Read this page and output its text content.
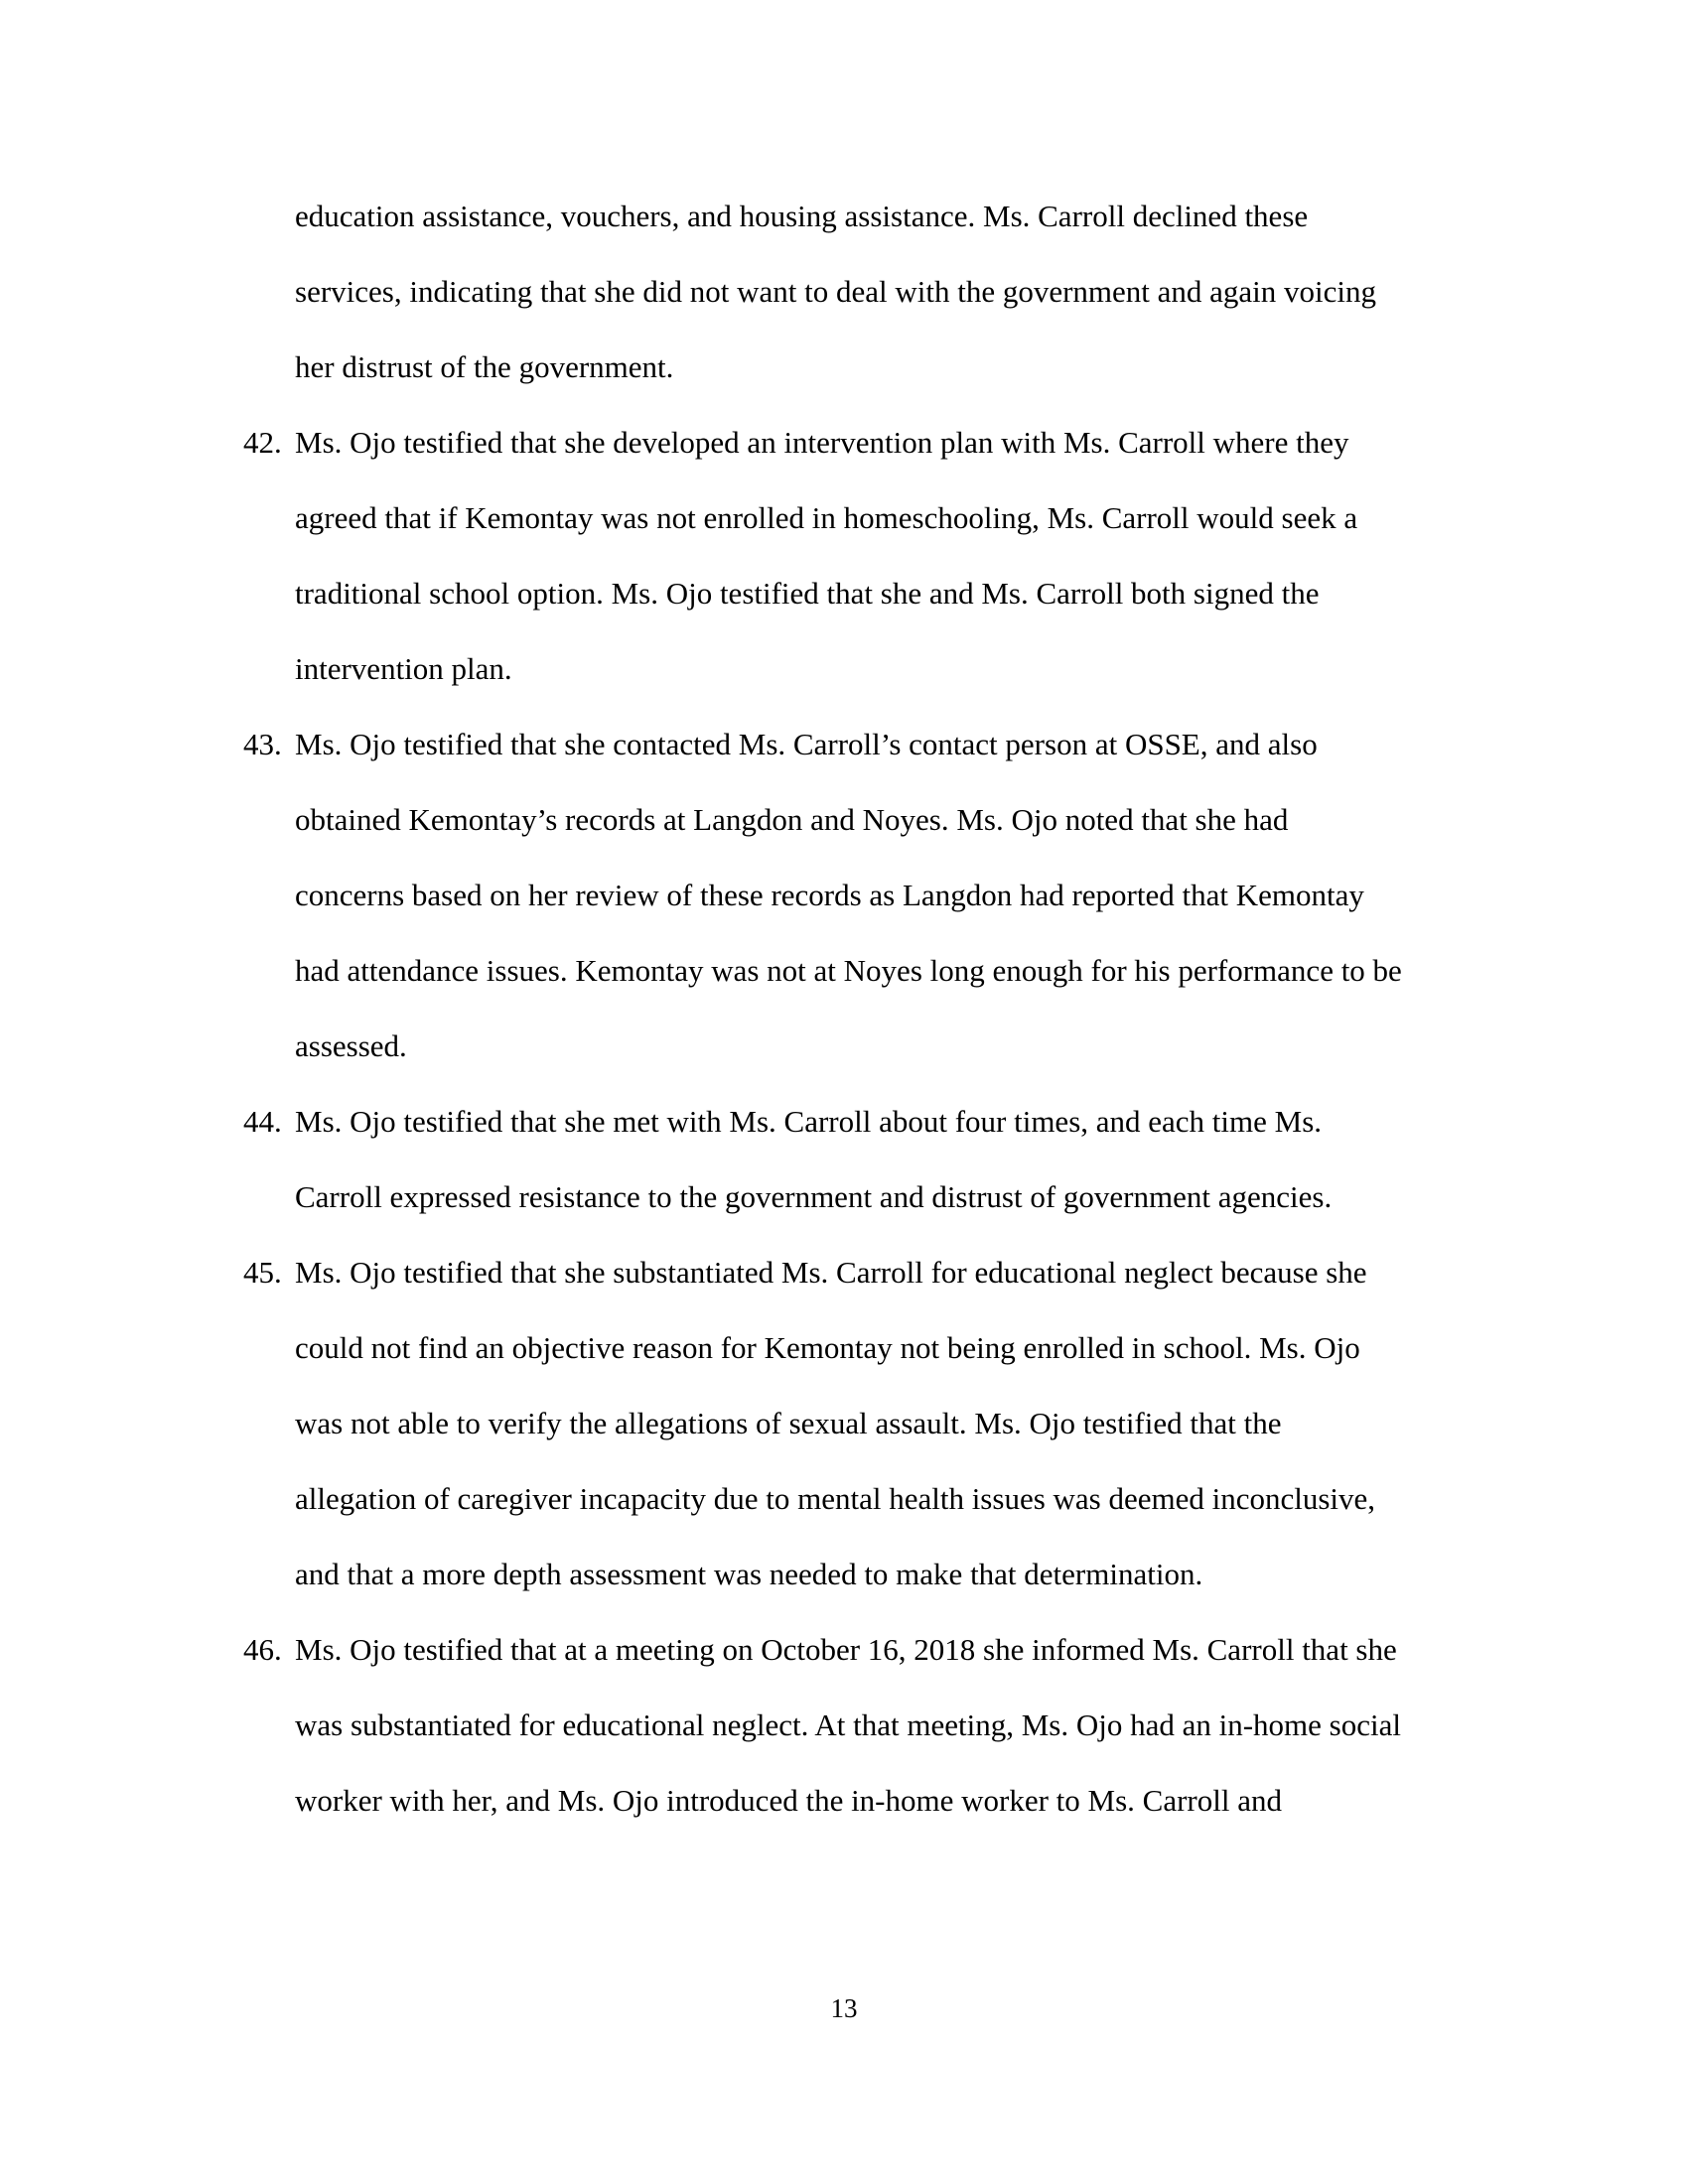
education assistance, vouchers, and housing assistance. Ms. Carroll declined these

services, indicating that she did not want to deal with the government and again voicing

her distrust of the government.

42. Ms. Ojo testified that she developed an intervention plan with Ms. Carroll where they

agreed that if Kemontay was not enrolled in homeschooling, Ms. Carroll would seek a

traditional school option. Ms. Ojo testified that she and Ms. Carroll both signed the

intervention plan.

43. Ms. Ojo testified that she contacted Ms. Carroll’s contact person at OSSE, and also

obtained Kemontay’s records at Langdon and Noyes. Ms. Ojo noted that she had

concerns based on her review of these records as Langdon had reported that Kemontay

had attendance issues. Kemontay was not at Noyes long enough for his performance to be

assessed.

44. Ms. Ojo testified that she met with Ms. Carroll about four times, and each time Ms.

Carroll expressed resistance to the government and distrust of government agencies.

45. Ms. Ojo testified that she substantiated Ms. Carroll for educational neglect because she

could not find an objective reason for Kemontay not being enrolled in school. Ms. Ojo

was not able to verify the allegations of sexual assault. Ms. Ojo testified that the

allegation of caregiver incapacity due to mental health issues was deemed inconclusive,

and that a more depth assessment was needed to make that determination.

46. Ms. Ojo testified that at a meeting on October 16, 2018 she informed Ms. Carroll that she

was substantiated for educational neglect. At that meeting, Ms. Ojo had an in-home social

worker with her, and Ms. Ojo introduced the in-home worker to Ms. Carroll and

13
